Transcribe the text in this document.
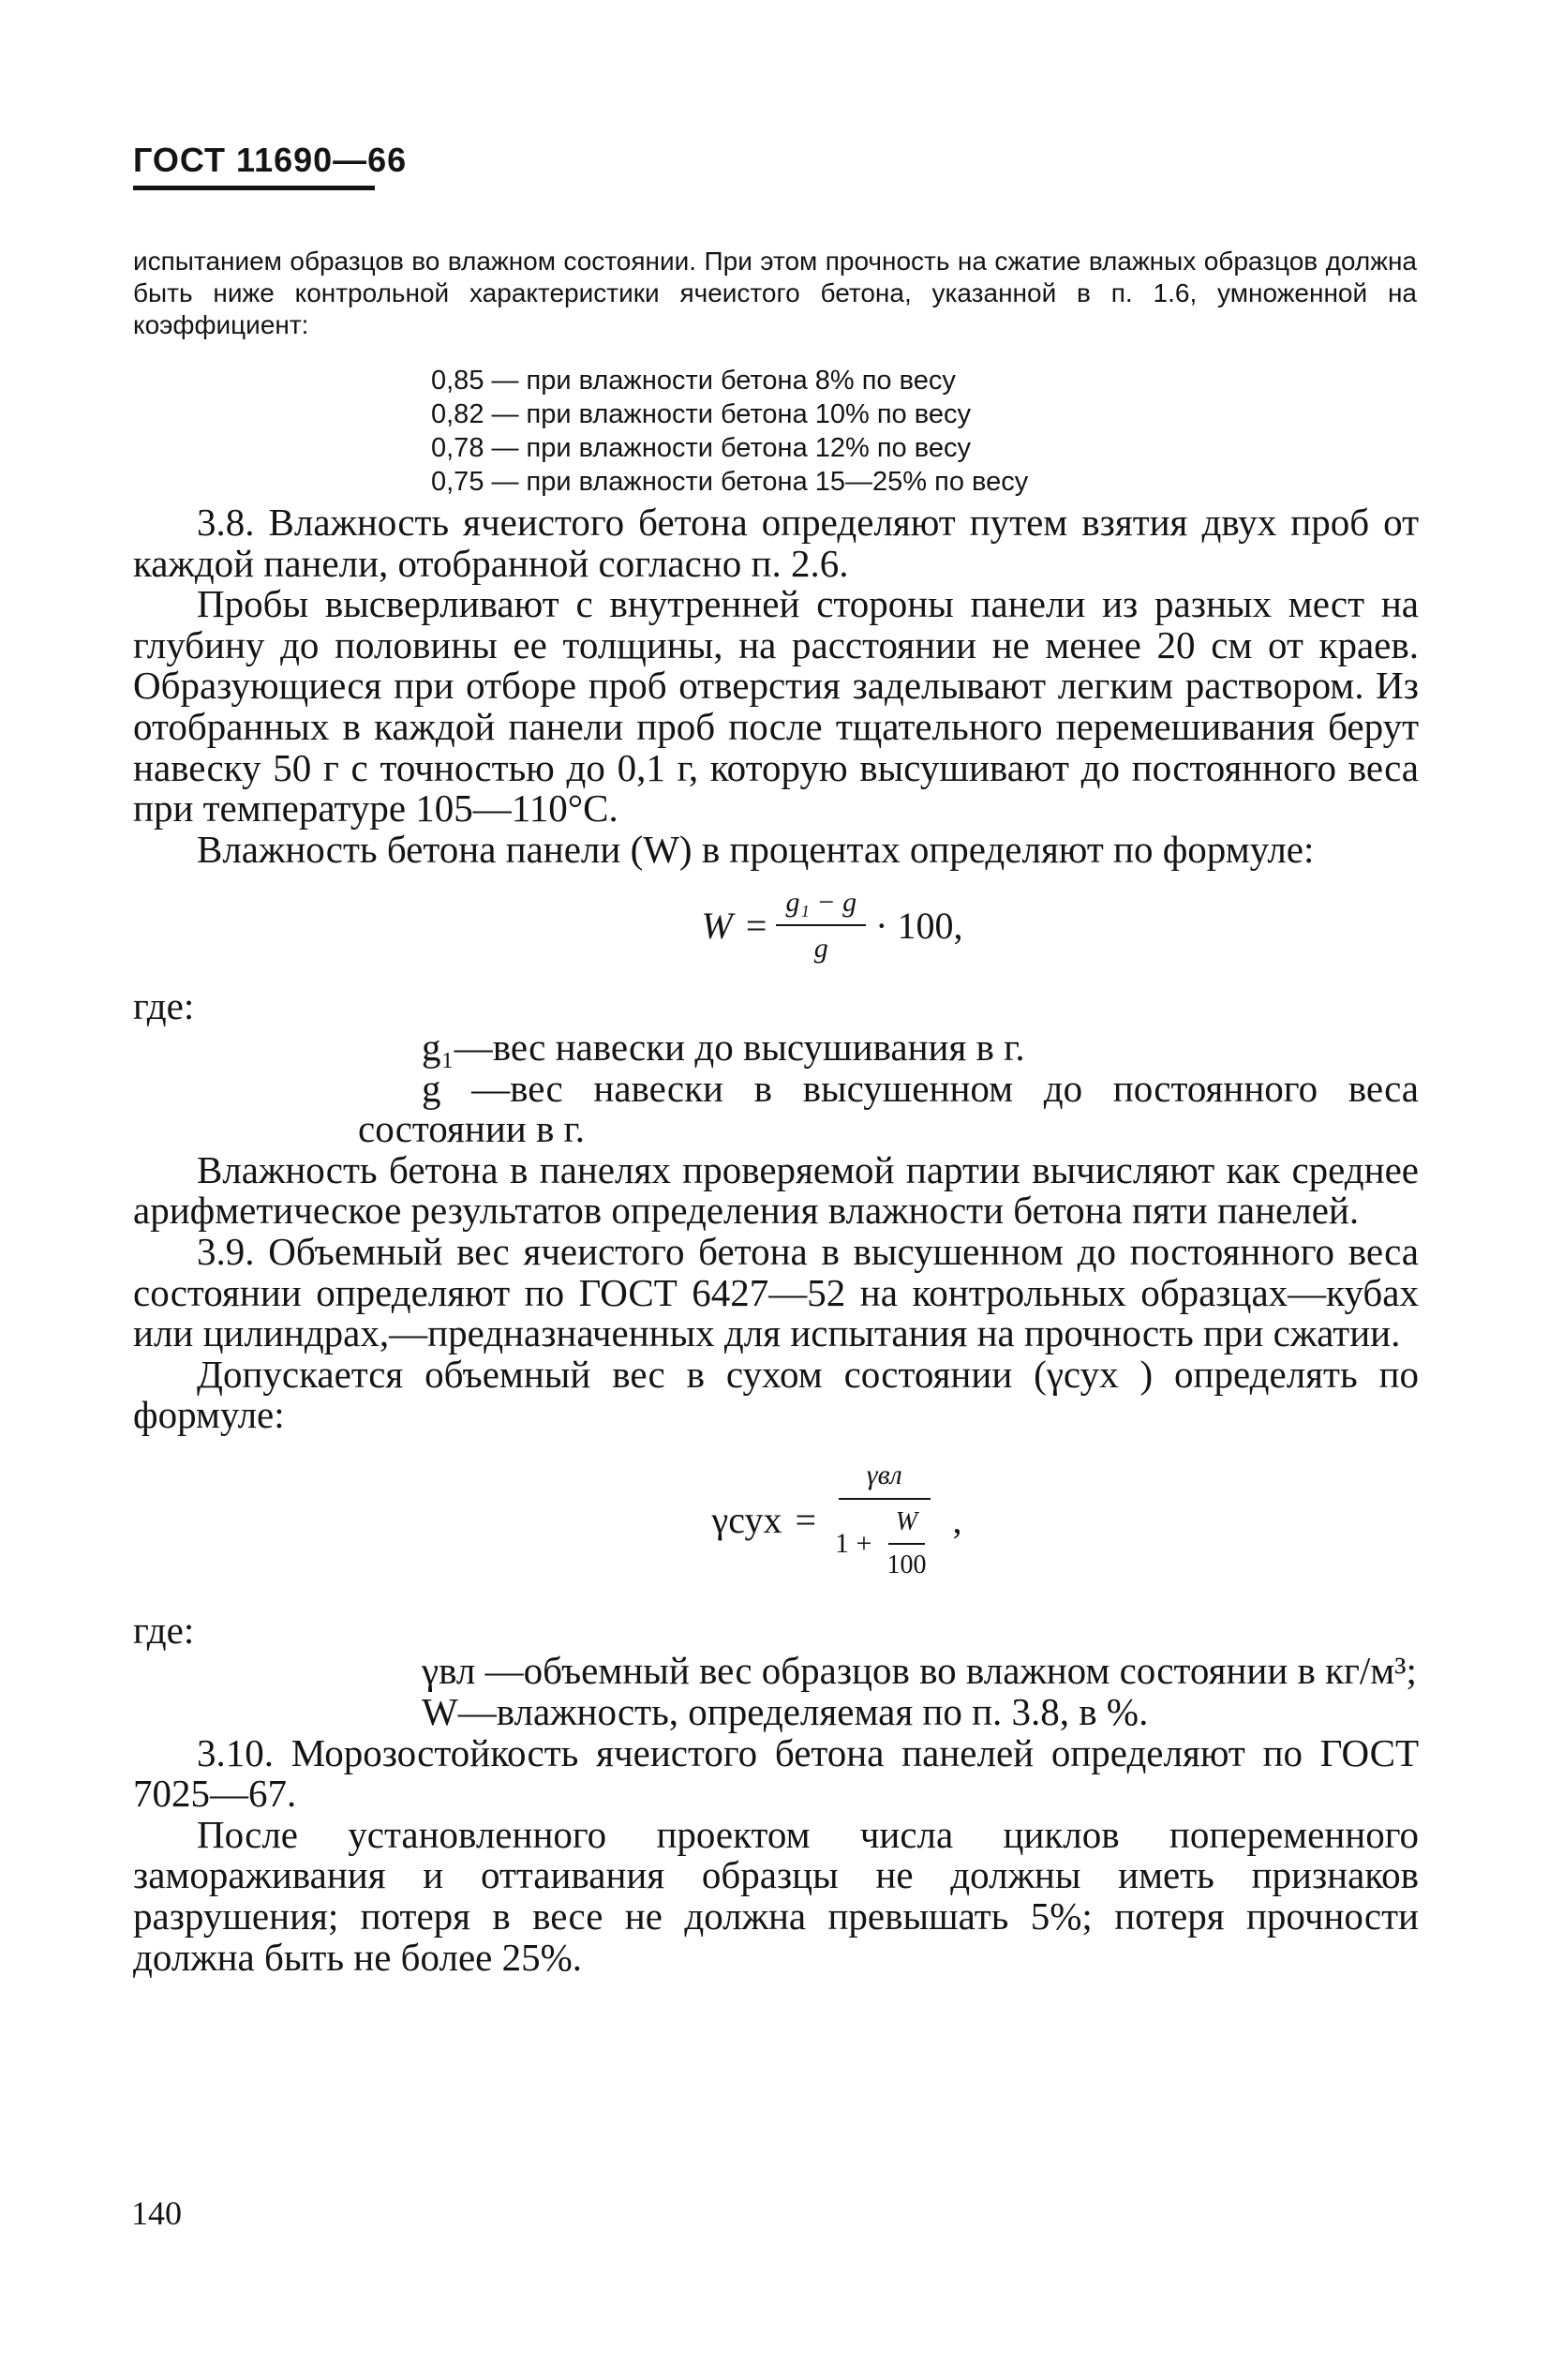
ГОСТ 11690—66
испытанием образцов во влажном состоянии. При этом прочность на сжатие влажных образцов должна быть ниже контрольной характеристики ячеистого бетона, указанной в п. 1.6, умноженной на коэффициент:
0,85 — при влажности бетона 8% по весу
0,82 — при влажности бетона 10% по весу
0,78 — при влажности бетона 12% по весу
0,75 — при влажности бетона 15—25% по весу

3.8. Влажность ячеистого бетона определяют путем взятия двух проб от каждой панели, отобранной согласно п. 2.6.

Пробы высверливают с внутренней стороны панели из разных мест на глубину до половины ее толщины, на расстоянии не менее 20 см от краев. Образующиеся при отборе проб отверстия заделывают легким раствором. Из отобранных в каждой панели проб после тщательного перемешивания берут навеску 50 г с точностью до 0,1 г, которую высушивают до постоянного веса при температуре 105—110°С.

Влажность бетона панели (W) в процентах определяют по формуле:

$W = \frac{\text{g₁ − g}}{g} \cdot 100$,

где:

g₁—вес навески до высушивания в г.

g —вес навески в высушенном до постоянного веса состоянии в г.

Влажность бетона в панелях проверяемой партии вычисляют как среднее арифметическое результатов определения влажности бетона пяти панелей.

3.9. Объемный вес ячеистого бетона в высушенном до постоянного веса состоянии определяют по ГОСТ 6427—52 на контрольных образцах—кубах или цилиндрах,—предназначенных для испытания на прочность при сжатии.

Допускается объемный вес в сухом состоянии (γсух ) определять по формуле:

$\gamma сух = \frac{\text{γвл}}{1 + \frac{W}{100}}$ ,

где:

γвл —объемный вес образцов во влажном состоянии в кг/м³;

W—влажность, определяемая по п. 3.8, в %.

3.10. Морозостойкость ячеистого бетона панелей определяют по ГОСТ 7025—67.

После установленного проектом числа циклов попеременного замораживания и оттаивания образцы не должны иметь признаков разрушения; потеря в весе не должна превышать 5%; потеря прочности должна быть не более 25%.

140
